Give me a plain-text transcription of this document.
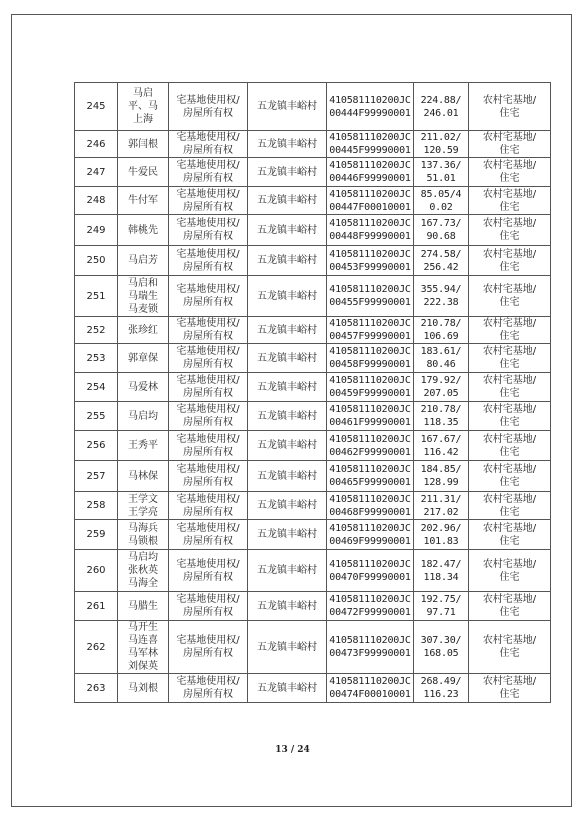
245	马启
平、马
上海	宅基地使用权/
房屋所有权	五龙镇丰峪村	410581110200JC
00444F99990001	224.88/
246.01	农村宅基地/
住宅
246	郭闫根	宅基地使用权/
房屋所有权	五龙镇丰峪村	410581110200JC
00445F99990001	211.02/
120.59	农村宅基地/
住宅
247	牛爱民	宅基地使用权/
房屋所有权	五龙镇丰峪村	410581110200JC
00446F99990001	137.36/
51.01	农村宅基地/
住宅
248	牛付军	宅基地使用权/
房屋所有权	五龙镇丰峪村	410581110200JC
00447F00010001	85.05/4
0.02	农村宅基地/
住宅
249	韩桃先	宅基地使用权/
房屋所有权	五龙镇丰峪村	410581110200JC
00448F99990001	167.73/
90.68	农村宅基地/
住宅
250	马启芳	宅基地使用权/
房屋所有权	五龙镇丰峪村	410581110200JC
00453F99990001	274.58/
256.42	农村宅基地/
住宅
251	马启和
马瑞生
马麦锁	宅基地使用权/
房屋所有权	五龙镇丰峪村	410581110200JC
00455F99990001	355.94/
222.38	农村宅基地/
住宅
252	张珍红	宅基地使用权/
房屋所有权	五龙镇丰峪村	410581110200JC
00457F99990001	210.78/
106.69	农村宅基地/
住宅
253	郭章保	宅基地使用权/
房屋所有权	五龙镇丰峪村	410581110200JC
00458F99990001	183.61/
80.46	农村宅基地/
住宅
254	马爱林	宅基地使用权/
房屋所有权	五龙镇丰峪村	410581110200JC
00459F99990001	179.92/
207.05	农村宅基地/
住宅
255	马启均	宅基地使用权/
房屋所有权	五龙镇丰峪村	410581110200JC
00461F99990001	210.78/
118.35	农村宅基地/
住宅
256	王秀平	宅基地使用权/
房屋所有权	五龙镇丰峪村	410581110200JC
00462F99990001	167.67/
116.42	农村宅基地/
住宅
257	马林保	宅基地使用权/
房屋所有权	五龙镇丰峪村	410581110200JC
00465F99990001	184.85/
128.99	农村宅基地/
住宅
258	王学文
王学亮	宅基地使用权/
房屋所有权	五龙镇丰峪村	410581110200JC
00468F99990001	211.31/
217.02	农村宅基地/
住宅
259	马海兵
马锁根	宅基地使用权/
房屋所有权	五龙镇丰峪村	410581110200JC
00469F99990001	202.96/
101.83	农村宅基地/
住宅
260	马启均
张秋英
马海全	宅基地使用权/
房屋所有权	五龙镇丰峪村	410581110200JC
00470F99990001	182.47/
118.34	农村宅基地/
住宅
261	马腊生	宅基地使用权/
房屋所有权	五龙镇丰峪村	410581110200JC
00472F99990001	192.75/
97.71	农村宅基地/
住宅
262	马开生
马连喜
马军林
刘保英	宅基地使用权/
房屋所有权	五龙镇丰峪村	410581110200JC
00473F99990001	307.30/
168.05	农村宅基地/
住宅
263	马刘根	宅基地使用权/
房屋所有权	五龙镇丰峪村	410581110200JC
00474F00010001	268.49/
116.23	农村宅基地/
住宅
13 / 24
